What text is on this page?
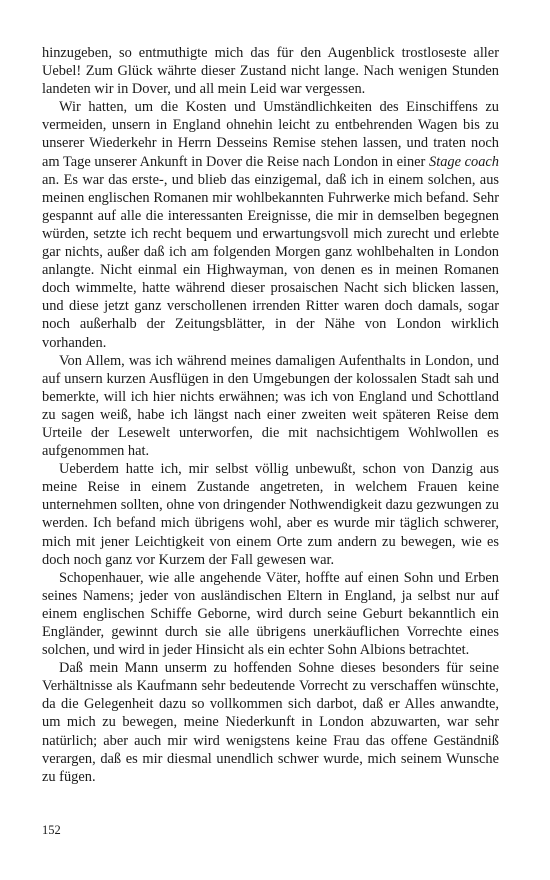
hinzugeben, so entmuthigte mich das für den Augenblick trostloseste aller Uebel! Zum Glück währte dieser Zustand nicht lange. Nach wenigen Stunden landeten wir in Dover, und all mein Leid war vergessen.

Wir hatten, um die Kosten und Umständlichkeiten des Einschiffens zu vermeiden, unsern in England ohnehin leicht zu entbehrenden Wagen bis zu unserer Wiederkehr in Herrn Desseins Remise stehen lassen, und traten noch am Tage unserer Ankunft in Dover die Reise nach London in einer Stage coach an. Es war das erste-, und blieb das einzigemal, daß ich in einem solchen, aus meinen englischen Romanen mir wohlbekannten Fuhrwerke mich befand. Sehr gespannt auf alle die interessanten Ereignisse, die mir in demselben begegnen würden, setzte ich recht bequem und erwartungsvoll mich zurecht und erlebte gar nichts, außer daß ich am folgenden Morgen ganz wohlbehalten in London anlangte. Nicht einmal ein Highwayman, von denen es in meinen Romanen doch wimmelte, hatte während dieser prosaischen Nacht sich blicken lassen, und diese jetzt ganz verschollenen irrenden Ritter waren doch damals, sogar noch außerhalb der Zeitungsblätter, in der Nähe von London wirklich vorhanden.

Von Allem, was ich während meines damaligen Aufenthalts in London, und auf unsern kurzen Ausflügen in den Umgebungen der kolossalen Stadt sah und bemerkte, will ich hier nichts erwähnen; was ich von England und Schottland zu sagen weiß, habe ich längst nach einer zweiten weit späteren Reise dem Urteile der Lesewelt unterworfen, die mit nachsichtigem Wohlwollen es aufgenommen hat.

Ueberdem hatte ich, mir selbst völlig unbewußt, schon von Danzig aus meine Reise in einem Zustande angetreten, in welchem Frauen keine unternehmen sollten, ohne von dringender Nothwendigkeit dazu gezwungen zu werden. Ich befand mich übrigens wohl, aber es wurde mir täglich schwerer, mich mit jener Leichtigkeit von einem Orte zum andern zu bewegen, wie es doch noch ganz vor Kurzem der Fall gewesen war.

Schopenhauer, wie alle angehende Väter, hoffte auf einen Sohn und Erben seines Namens; jeder von ausländischen Eltern in England, ja selbst nur auf einem englischen Schiffe Geborne, wird durch seine Geburt bekanntlich ein Engländer, gewinnt durch sie alle übrigens unerkäuflichen Vorrechte eines solchen, und wird in jeder Hinsicht als ein echter Sohn Albions betrachtet.

Daß mein Mann unserm zu hoffenden Sohne dieses besonders für seine Verhältnisse als Kaufmann sehr bedeutende Vorrecht zu verschaffen wünschte, da die Gelegenheit dazu so vollkommen sich darbot, daß er Alles anwandte, um mich zu bewegen, meine Niederkunft in London abzuwarten, war sehr natürlich; aber auch mir wird wenigstens keine Frau das offene Geständniß verargen, daß es mir diesmal unendlich schwer wurde, mich seinem Wunsche zu fügen.

152
